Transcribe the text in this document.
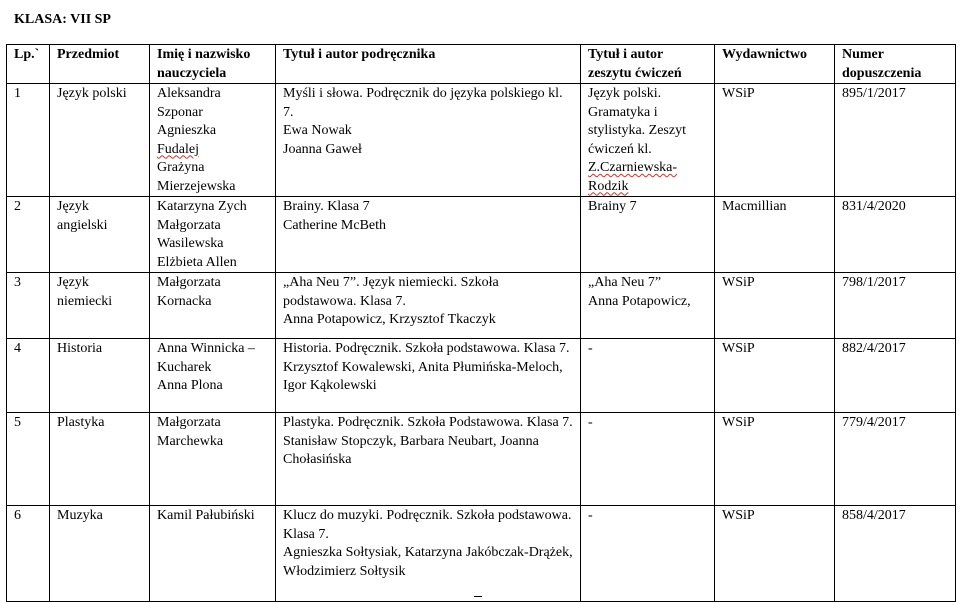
KLASA: VII SP
Lp.`	Przedmiot	Imię i nazwisko nauczyciela	Tytuł i autor podręcznika	Tytuł i autor zeszytu ćwiczeń	Wydawnictwo	Numer dopuszczenia
1	Język polski	Aleksandra Szponar
Agnieszka
Fudalej
Grażyna Mierzejewska	Myśli i słowa. Podręcznik do języka polskiego kl. 7.
Ewa Nowak
Joanna Gaweł	Język polski. Gramatyka i stylistyka. Zeszyt ćwiczeń kl.
Z.Czarniewska-Rodzik	WSiP	895/1/2017
2	Język angielski	Katarzyna Zych
Małgorzata Wasilewska
Elżbieta Allen	Brainy. Klasa 7
Catherine McBeth	Brainy 7	Macmillian	831/4/2020
3	Język niemiecki	Małgorzata Kornacka	„Aha Neu 7”. Język niemiecki. Szkoła podstawowa. Klasa 7.
Anna Potapowicz, Krzysztof Tkaczyk	„Aha Neu 7”
Anna Potapowicz,	WSiP	798/1/2017
4	Historia	Anna Winnicka –Kucharek
Anna Plona	Historia. Podręcznik. Szkoła podstawowa. Klasa 7.
Krzysztof Kowalewski, Anita Płumińska-Meloch, Igor Kąkolewski	-	WSiP	882/4/2017
5	Plastyka	Małgorzata Marchewka	Plastyka. Podręcznik. Szkoła Podstawowa. Klasa 7.
Stanisław Stopczyk, Barbara Neubart, Joanna Chołasińska	-	WSiP	779/4/2017
6	Muzyka	Kamil Pałubiński	Klucz do muzyki. Podręcznik. Szkoła podstawowa. Klasa 7.
Agnieszka Sołtysiak, Katarzyna Jakóbczak-Drążek, Włodzimierz Sołtysik	-	WSiP	858/4/2017
